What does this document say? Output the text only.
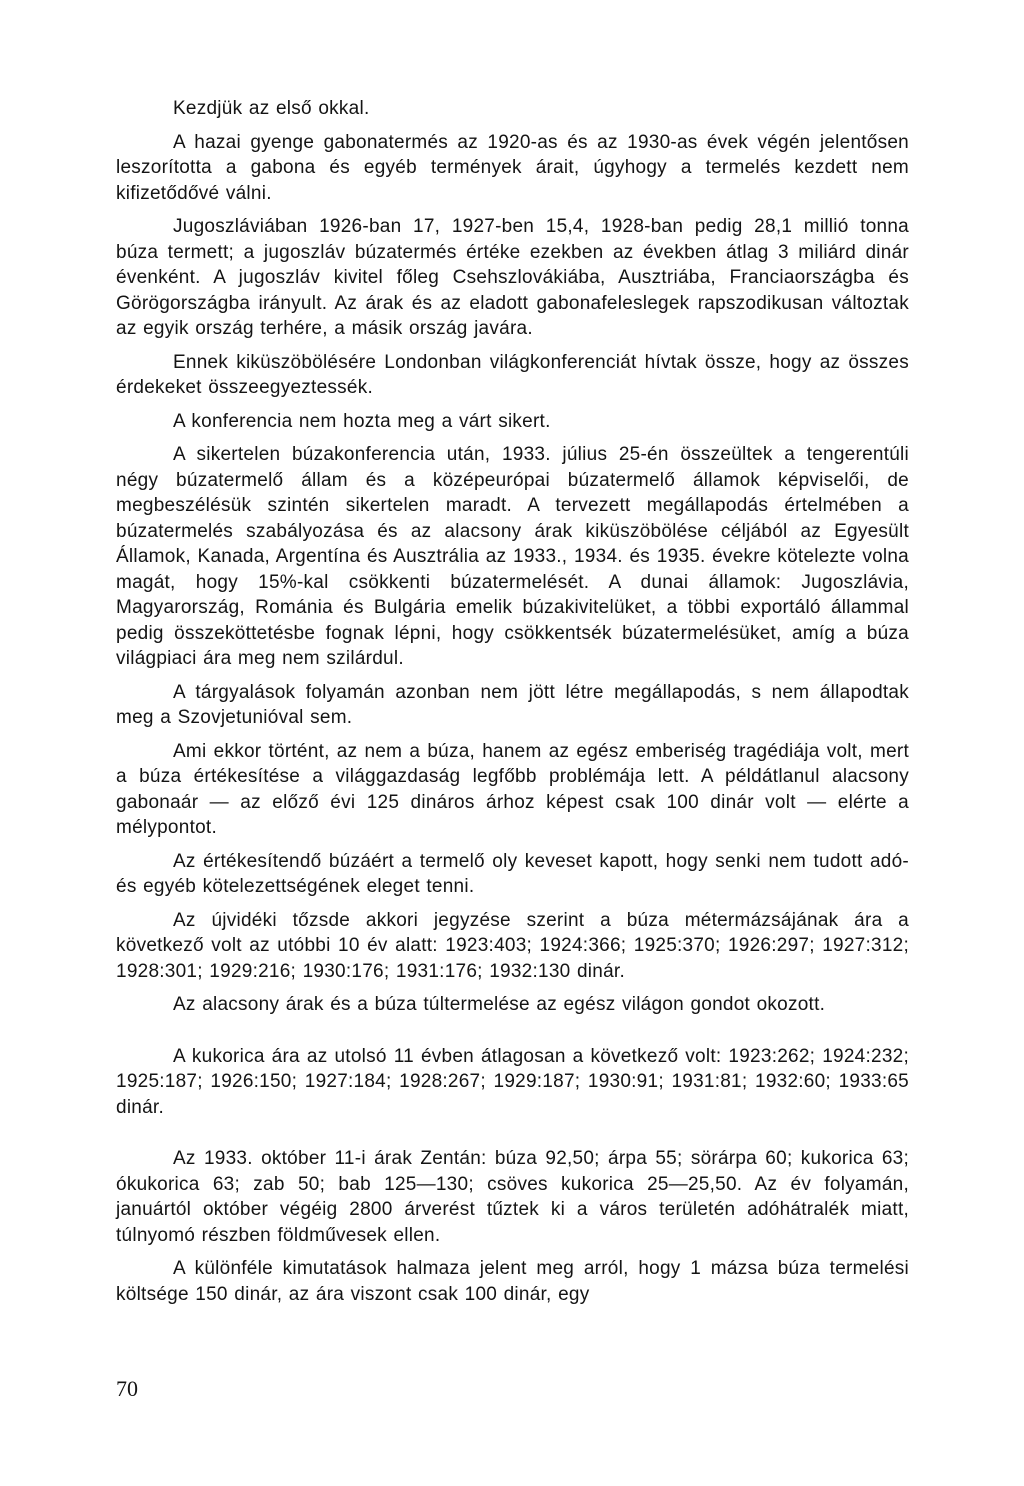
Kezdjük az első okkal.

A hazai gyenge gabonatermés az 1920-as és az 1930-as évek végén jelentősen leszorította a gabona és egyéb termények árait, úgyhogy a termelés kezdett nem kifizetődővé válni.

Jugoszláviában 1926-ban 17, 1927-ben 15,4, 1928-ban pedig 28,1 millió tonna búza termett; a jugoszláv búzatermés értéke ezekben az években átlag 3 miliárd dinár évenként. A jugoszláv kivitel főleg Csehszlovákiába, Ausztriába, Franciaországba és Görögországba irányult. Az árak és az eladott gabonafeleslegek rapszodikusan változtak az egyik ország terhére, a másik ország javára.

Ennek kiküszöbölésére Londonban világkonferenciát hívtak össze, hogy az összes érdekeket összeegyeztessék.

A konferencia nem hozta meg a várt sikert.

A sikertelen búzakonferencia után, 1933. július 25-én összeültek a tengerentúli négy búzatermelő állam és a középeurópai búzatermelő államok képviselői, de megbeszélésük szintén sikertelen maradt. A tervezett megállapodás értelmében a búzatermelés szabályozása és az alacsony árak kiküszöbölése céljából az Egyesült Államok, Kanada, Argentína és Ausztrália az 1933., 1934. és 1935. évekre kötelezte volna magát, hogy 15%-kal csökkenti búzatermelését. A dunai államok: Jugoszlávia, Magyarország, Románia és Bulgária emelik búzakivitelüket, a többi exportáló állammal pedig összeköttetésbe fognak lépni, hogy csökkentsék búzatermelésüket, amíg a búza világpiaci ára meg nem szilárdul.

A tárgyalások folyamán azonban nem jött létre megállapodás, s nem állapodtak meg a Szovjetunióval sem.

Ami ekkor történt, az nem a búza, hanem az egész emberiség tragédiája volt, mert a búza értékesítése a világgazdaság legfőbb problémája lett. A példátlanul alacsony gabonaár — az előző évi 125 dináros árhoz képest csak 100 dinár volt — elérte a mélypontot.

Az értékesítendő búzáért a termelő oly keveset kapott, hogy senki nem tudott adó- és egyéb kötelezettségének eleget tenni.

Az újvidéki tőzsde akkori jegyzése szerint a búza métermázsájának ára a következő volt az utóbbi 10 év alatt: 1923:403; 1924:366; 1925:370; 1926:297; 1927:312; 1928:301; 1929:216; 1930:176; 1931:176; 1932:130 dinár.

Az alacsony árak és a búza túltermelése az egész világon gondot okozott.

A kukorica ára az utolsó 11 évben átlagosan a következő volt: 1923:262; 1924:232; 1925:187; 1926:150; 1927:184; 1928:267; 1929:187; 1930:91; 1931:81; 1932:60; 1933:65 dinár.

Az 1933. október 11-i árak Zentán: búza 92,50; árpa 55; sörárpa 60; kukorica 63; ókukorica 63; zab 50; bab 125—130; csöves kukorica 25—25,50. Az év folyamán, januártól október végéig 2800 árverést tűztek ki a város területén adóhátralék miatt, túlnyomó részben földművesek ellen.

A különféle kimutatások halmaza jelent meg arról, hogy 1 mázsa búza termelési költsége 150 dinár, az ára viszont csak 100 dinár, egy

70
